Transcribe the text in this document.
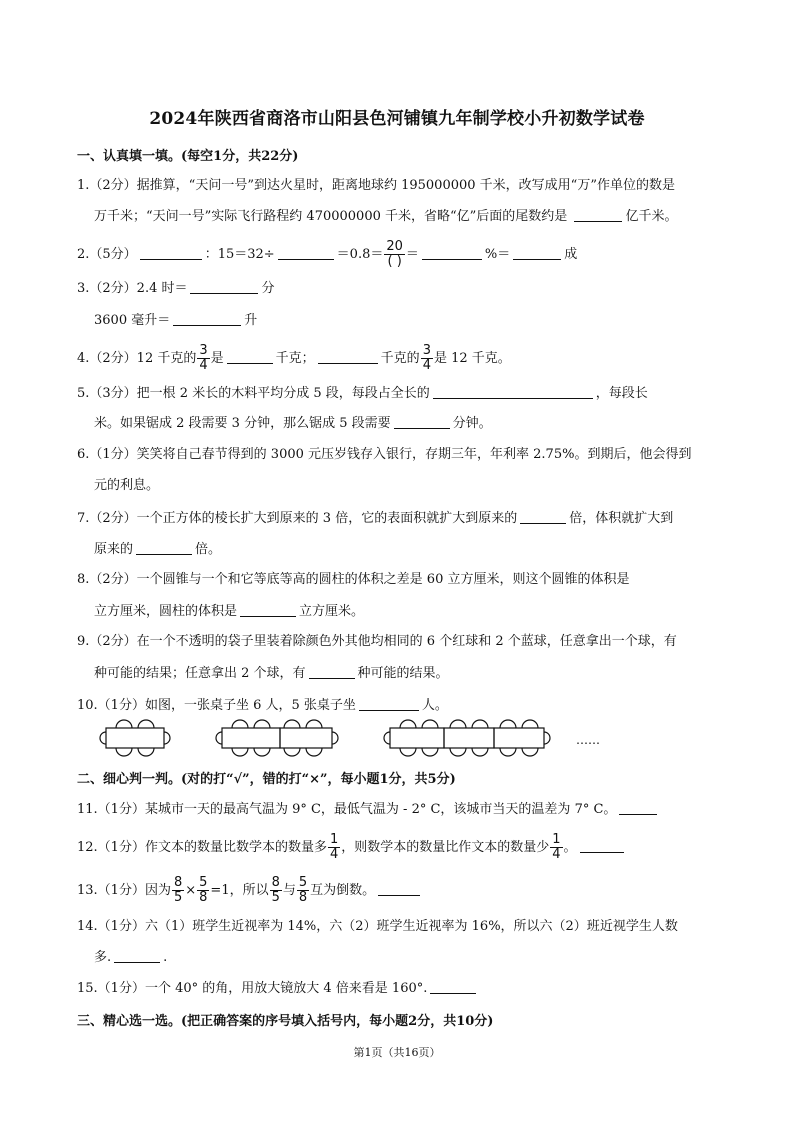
2024年陕西省商洛市山阳县色河铺镇九年制学校小升初数学试卷
一、认真填一填。(每空1分，共22分)
1.（2分）据推算，“天问一号”到达火星时，距离地球约 195000000 千米，改写成用“万”作单位的数是
万千米；“天问一号”实际飞行路程约 470000000 千米，省略“亿”后面的尾数约是	亿千米。
2.（5分）	：15＝32÷	$=0.8= \frac{20}{( )}$ ＝	%＝	成
3.（2分）2.4 时＝	分
3600 毫升＝	升
4.（2分）12 千克的 $\frac{3}{4}$ 是	千克；	千克的 $\frac{3}{4}$ 是 12 千克。
5.（3分）把一根 2 米长的木料平均分成 5 段，每段占全长的	，每段长
米。如果锯成 2 段需要 3 分钟，那么锯成 5 段需要	分钟。
6.（1分）笑笑将自己春节得到的 3000 元压岁钱存入银行，存期三年，年利率 2.75%。到期后，他会得到
元的利息。
7.（2分）一个正方体的棱长扩大到原来的 3 倍，它的表面积就扩大到原来的	倍，体积就扩大到
原来的	倍。
8.（2分）一个圆锥与一个和它等底等高的圆柱的体积之差是 60 立方厘米，则这个圆锥的体积是
立方厘米，圆柱的体积是	立方厘米。
9.（2分）在一个不透明的袋子里装着除颜色外其他均相同的 6 个红球和 2 个蓝球，任意拿出一个球，有
种可能的结果；任意拿出 2 个球，有	种可能的结果。
10.（1分）如图，一张桌子坐 6 人，5 张桌子坐	人。
……
二、细心判一判。(对的打“√”，错的打“×”，每小题1分，共5分)
11.（1分）某城市一天的最高气温为 9° C，最低气温为 - 2° C，该城市当天的温差为 7° C。
12.（1分）作文本的数量比数学本的数量多 $\frac{1}{4}$ ，则数学本的数量比作文本的数量少 $\frac{1}{4}$ 。
13.（1分）因为 $\frac{8}{5} \times \frac{5}{8} =1$，所以 $\frac{8}{5}$ 与 $\frac{5}{8}$ 互为倒数。
14.（1分）六（1）班学生近视率为 14%，六（2）班学生近视率为 16%，所以六（2）班近视学生人数
多.	.
15.（1分）一个 40° 的角，用放大镜放大 4 倍来看是 160°.
三、精心选一选。(把正确答案的序号填入括号内，每小题2分，共10分)
第1页（共16页）
